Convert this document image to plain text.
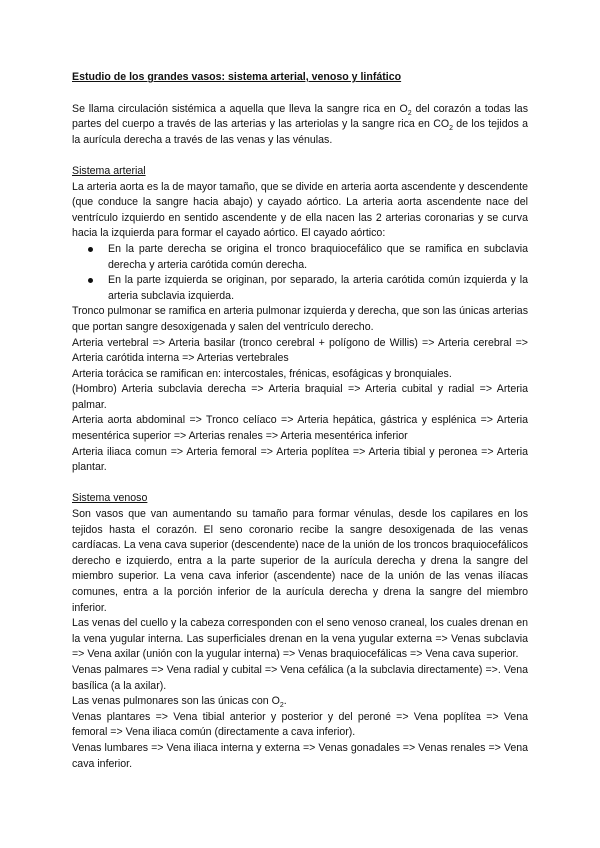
Estudio de los grandes vasos: sistema arterial, venoso y linfático

Se llama circulación sistémica a aquella que lleva la sangre rica en $O_2$ del corazón a todas las partes del cuerpo a través de las arterias y las arteriolas y la sangre rica en $CO_2$ de los tejidos a la aurícula derecha a través de las venas y las vénulas.

Sistema arterial

La arteria aorta es la de mayor tamaño, que se divide en arteria aorta ascendente y descendente (que conduce la sangre hacia abajo) y cayado aórtico. La arteria aorta ascendente nace del ventrículo izquierdo en sentido ascendente y de ella nacen las 2 arterias coronarias y se curva hacia la izquierda para formar el cayado aórtico. El cayado aórtico:

En la parte derecha se origina el tronco braquiocefálico que se ramifica en subclavia derecha y arteria carótida común derecha.
En la parte izquierda se originan, por separado, la arteria carótida común izquierda y la arteria subclavia izquierda.

Tronco pulmonar se ramifica en arteria pulmonar izquierda y derecha, que son las únicas arterias que portan sangre desoxigenada y salen del ventrículo derecho.

Arteria vertebral => Arteria basilar (tronco cerebral + polígono de Willis) => Arteria cerebral => Arteria carótida interna => Arterias vertebrales

Arteria torácica se ramifican en: intercostales, frénicas, esofágicas y bronquiales.

(Hombro) Arteria subclavia derecha => Arteria braquial => Arteria cubital y radial => Arteria palmar.

Arteria aorta abdominal => Tronco celíaco => Arteria hepática, gástrica y esplénica => Arteria mesentérica superior => Arterias renales => Arteria mesentérica inferior

Arteria iliaca comun => Arteria femoral => Arteria poplítea => Arteria tibial y peronea => Arteria plantar.

Sistema venoso

Son vasos que van aumentando su tamaño para formar vénulas, desde los capilares en los tejidos hasta el corazón. El seno coronario recibe la sangre desoxigenada de las venas cardíacas. La vena cava superior (descendente) nace de la unión de los troncos braquiocefálicos derecho e izquierdo, entra a la parte superior de la aurícula derecha y drena la sangre del miembro superior. La vena cava inferior (ascendente) nace de la unión de las venas ilíacas comunes, entra a la porción inferior de la aurícula derecha y drena la sangre del miembro inferior.

Las venas del cuello y la cabeza corresponden con el seno venoso craneal, los cuales drenan en la vena yugular interna. Las superficiales drenan en la vena yugular externa => Venas subclavia => Vena axilar (unión con la yugular interna) => Venas braquiocefálicas => Vena cava superior.

Venas palmares => Vena radial y cubital => Vena cefálica (a la subclavia directamente) =>. Vena basílica (a la axilar).

Las venas pulmonares son las únicas con $O_2$.

Venas plantares => Vena tibial anterior y posterior y del peroné => Vena poplítea => Vena femoral => Vena iliaca común (directamente a cava inferior).

Venas lumbares => Vena iliaca interna y externa => Venas gonadales => Venas renales => Vena cava inferior.
